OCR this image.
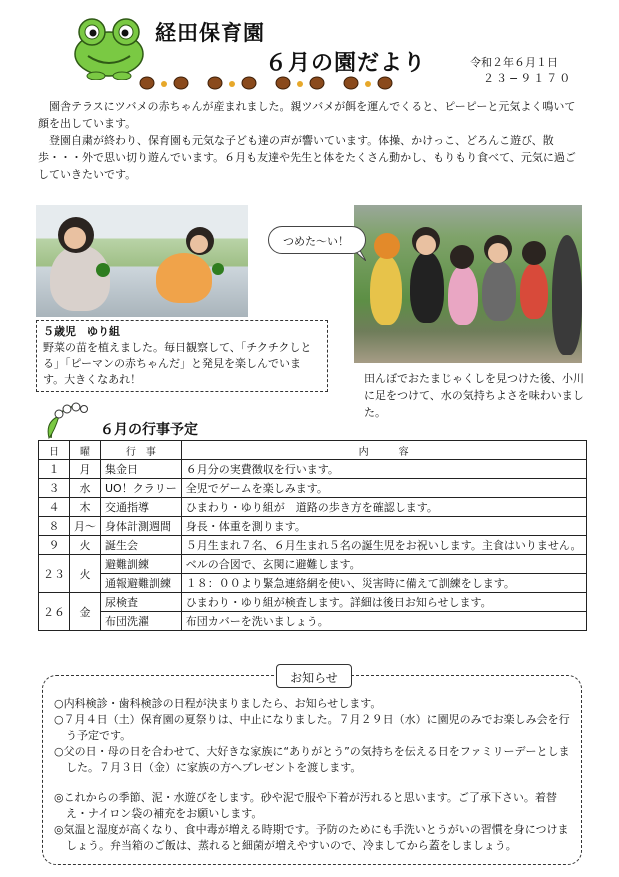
経田保育園
６月の園だより	令和２年６月１日
２３−９１７０

園舎テラスにツバメの赤ちゃんが産まれました。親ツバメが餌を運んでくると、ピーピーと元気よく鳴いて顔を出しています。

登園自粛が終わり、保育園も元気な子ども達の声が響いています。体操、かけっこ、どろんこ遊び、散歩・・・外で思い切り遊んでいます。６月も友達や先生と体をたくさん動かし、もりもり食べて、元気に過ごしていきたいです。

つめた〜い！
５歳児　ゆり組
野菜の苗を植えました。毎日観察して、「チクチクしとる」「ピーマンの赤ちゃんだ」と発見を楽しんでいます。大きくなあれ！	田んぼでおたまじゃくしを見つけた後、小川に足をつけて、水の気持ちよさを味わいました。
６月の行事予定
日	曜	行　事	内　　　容
１	月	集金日	６月分の実費徴収を行います。
３	水	UO！クラリー	全児でゲームを楽しみます。
４	木	交通指導	ひまわり・ゆり組が　道路の歩き方を確認します。
８	月〜	身体計測週間	身長・体重を測ります。
９	火	誕生会	５月生まれ７名、６月生まれ５名の誕生児をお祝いします。主食はいりません。
２３	火	避難訓練	ベルの合図で、玄関に避難します。
		通報避難訓練	１８：００より緊急連絡網を使い、災害時に備えて訓練をします。
２６	金	尿検査	ひまわり・ゆり組が検査します。詳細は後日お知らせします。
		布団洗濯	布団カバーを洗いましょう。
お知らせ
○内科検診・歯科検診の日程が決まりましたら、お知らせします。
○７月４日（土）保育園の夏祭りは、中止になりました。７月２９日（水）に園児のみでお楽しみ会を行う予定です。
○父の日・母の日を合わせて、大好きな家族に“ありがとう”の気持ちを伝える日をファミリーデーとしました。７月３日（金）に家族の方へプレゼントを渡します。
◎これからの季節、泥・水遊びをします。砂や泥で服や下着が汚れると思います。ご了承下さい。着替え・ナイロン袋の補充をお願いします。
◎気温と湿度が高くなり、食中毒が増える時期です。予防のためにも手洗いとうがいの習慣を身につけましょう。弁当箱のご飯は、蒸れると細菌が増えやすいので、冷ましてから蓋をしましょう。
